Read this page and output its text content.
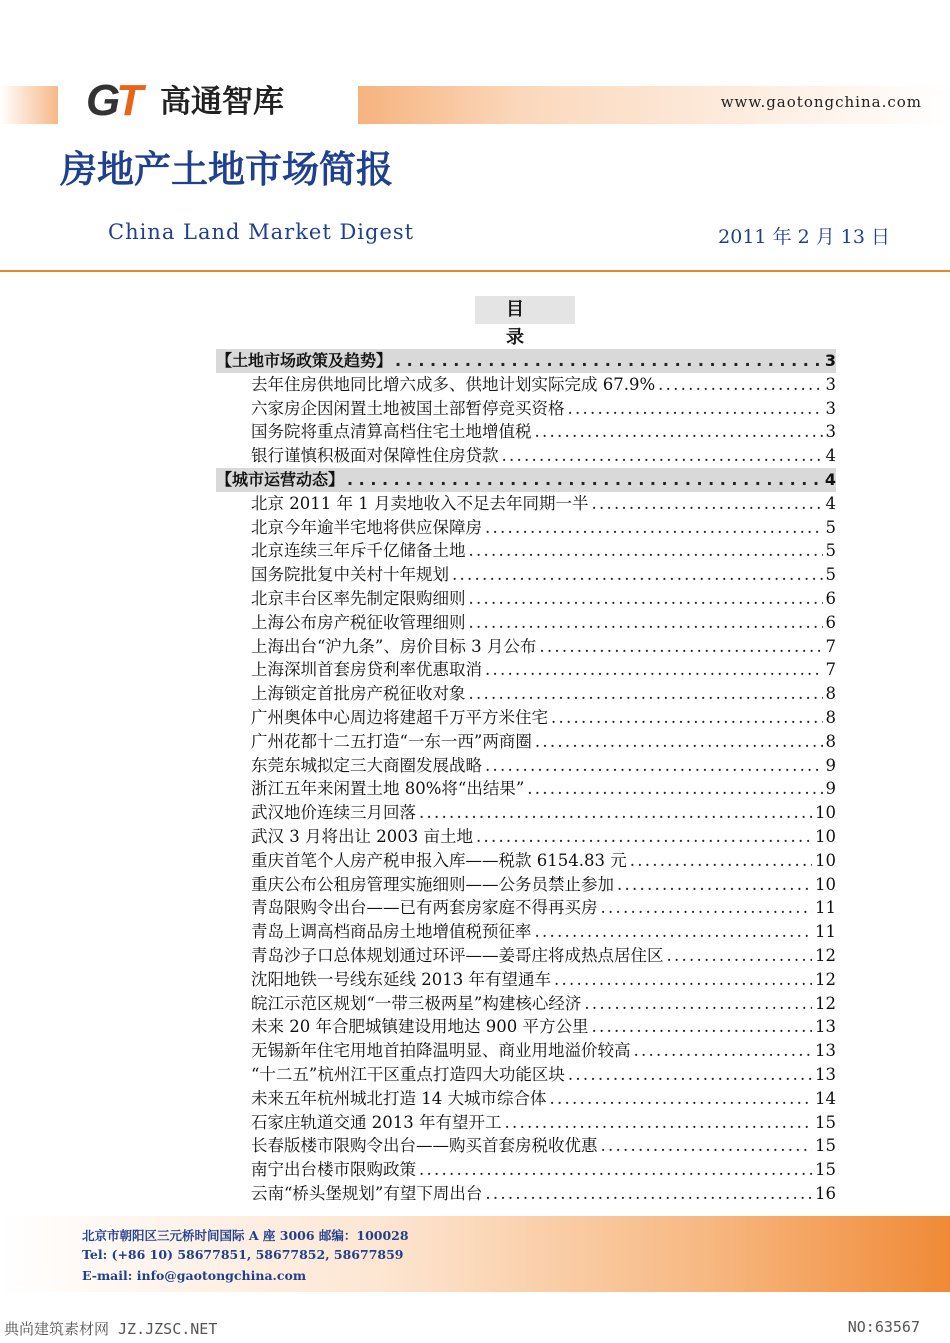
GT 高通智库	www.gaotongchina.com
房地产土地市场简报
China Land Market Digest	2011 年 2 月 13 日
目 录
【土地市场政策及趋势】 . . .	3
去年住房供地同比增六成多、供地计划实际完成 67.9% . . .	3
六家房企因闲置土地被国土部暂停竞买资格 . . .	3
国务院将重点清算高档住宅土地增值税 . . .	3
银行谨慎积极面对保障性住房贷款 . . .	4
【城市运营动态】 . . .	4
北京 2011 年 1 月卖地收入不足去年同期一半 . . .	4
北京今年逾半宅地将供应保障房 . . .	5
北京连续三年斥千亿储备土地 . . .	5
国务院批复中关村十年规划 . . .	5
北京丰台区率先制定限购细则 . . .	6
上海公布房产税征收管理细则 . . .	6
上海出台“沪九条”、房价目标 3 月公布 . . .	7
上海深圳首套房贷利率优惠取消 . . .	7
上海锁定首批房产税征收对象 . . .	8
广州奥体中心周边将建超千万平方米住宅 . . .	8
广州花都十二五打造“一东一西”两商圈 . . .	8
东莞东城拟定三大商圈发展战略 . . .	9
浙江五年来闲置土地 80%将“出结果” . . .	9
武汉地价连续三月回落 . . .	10
武汉 3 月将出让 2003 亩土地 . . .	10
重庆首笔个人房产税申报入库——税款 6154.83 元 . . .	10
重庆公布公租房管理实施细则——公务员禁止参加 . . .	10
青岛限购令出台——已有两套房家庭不得再买房 . . .	11
青岛上调高档商品房土地增值税预征率 . . .	11
青岛沙子口总体规划通过环评——姜哥庄将成热点居住区 . . .	12
沈阳地铁一号线东延线 2013 年有望通车 . . .	12
皖江示范区规划“一带三极两星”构建核心经济 . . .	12
未来 20 年合肥城镇建设用地达 900 平方公里 . . .	13
无锡新年住宅用地首拍降温明显、商业用地溢价较高 . . .	13
“十二五”杭州江干区重点打造四大功能区块 . . .	13
未来五年杭州城北打造 14 大城市综合体 . . .	14
石家庄轨道交通 2013 年有望开工 . . .	15
长春版楼市限购令出台——购买首套房税收优惠 . . .	15
南宁出台楼市限购政策 . . .	15
云南“桥头堡规划”有望下周出台 . . .	16
北京市朝阳区三元桥时间国际 A 座 3006 邮编：100028
Tel: (+86 10) 58677851, 58677852, 58677859
E-mail: info@gaotongchina.com
典尚建筑素材网 JZ.JZSC.NET	NO:63567
